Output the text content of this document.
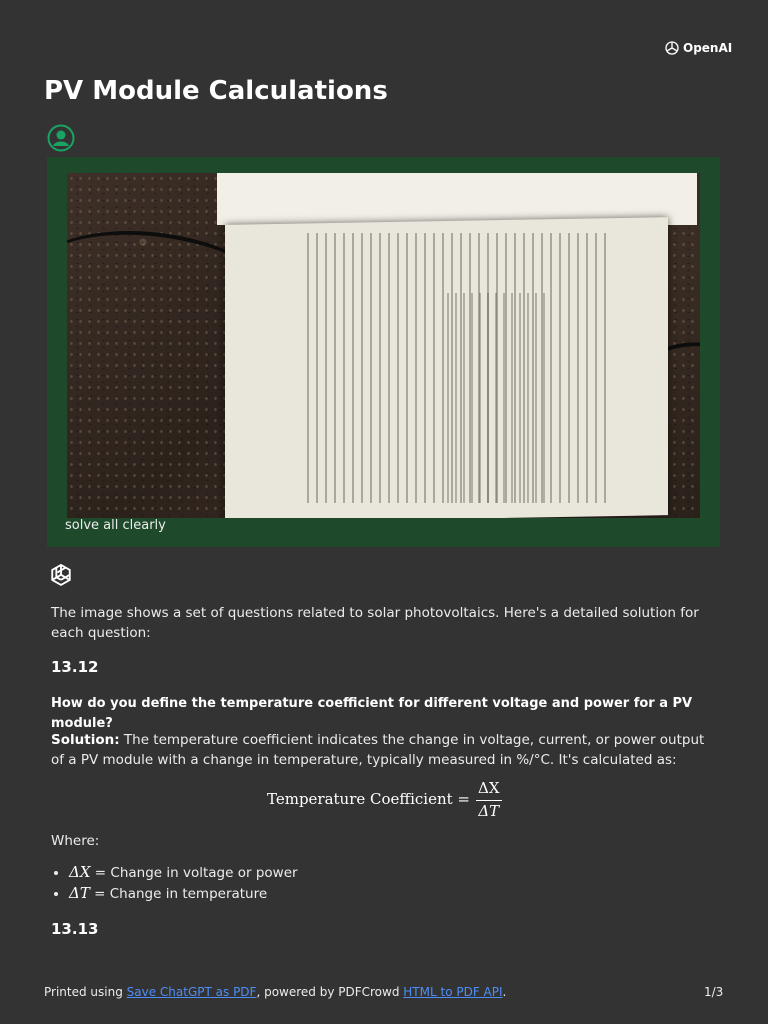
OpenAI
PV Module Calculations
solve all clearly

The image shows a set of questions related to solar photovoltaics. Here's a detailed solution for each question:

13.12

How do you define the temperature coefficient for different voltage and power for a PV module?

Solution: The temperature coefficient indicates the change in voltage, current, or power output of a PV module with a change in temperature, typically measured in %/°C. It's calculated as:

Temperature Coefficient = $\frac{\Delta X}{\Delta T}$

Where:

• ΔX = Change in voltage or power
• ΔT = Change in temperature
13.13
Printed using Save ChatGPT as PDF, powered by PDFCrowd HTML to PDF API.	1/3
